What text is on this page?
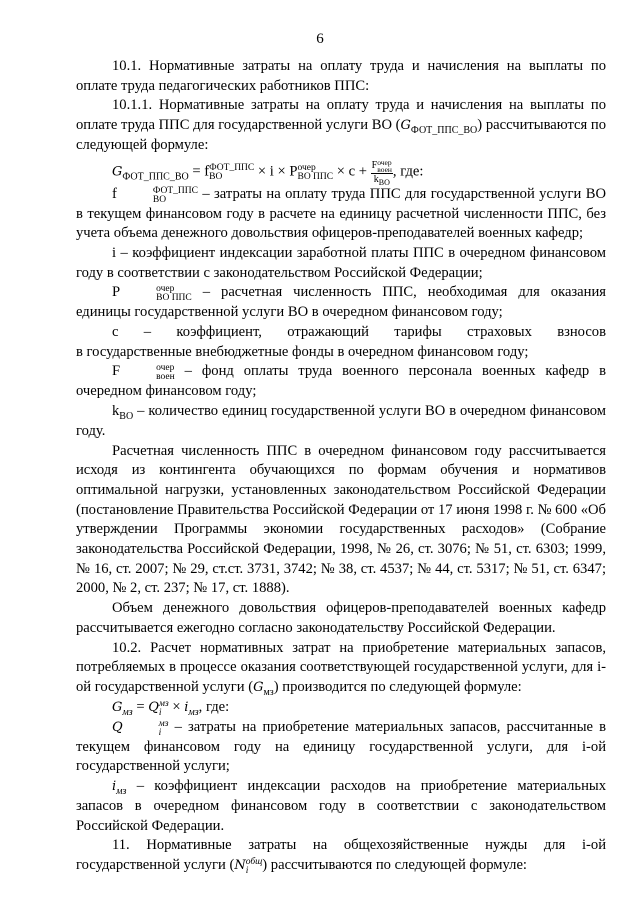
6

10.1. Нормативные затраты на оплату труда и начисления на выплаты по оплате труда педагогических работников ППС:

10.1.1. Нормативные затраты на оплату труда и начисления на выплаты по оплате труда ППС для государственной услуги ВО $(G_{ФОТ\_ППС\_ВО})$ рассчитываются по следующей формуле:

$G_{ФОТ\_ППС\_ВО} = f$ ФОТ_ППС
ВО	× i × P очер
ВО ППС × c + F очер
воен
$k_{ВО}$ , где:

f	ФОТ_ППС
ВО	– затраты на оплату труда ППС для государственной услуги ВО в текущем финансовом году в расчете на единицу расчетной численности ППС, без учета объема денежного довольствия офицеров-преподавателей военных кафедр;

i – коэффициент индексации заработной платы ППС в очередном финансовом году в соответствии с законодательством Российской Федерации;

P	очер
ВО ППС – расчетная численность ППС, необходимая для оказания единицы государственной услуги ВО в очередном финансовом году;

c – коэффициент, отражающий тарифы страховых взносов

в государственные внебюджетные фонды в очередном финансовом году;

F	очер
воен – фонд оплаты труда военного персонала военных кафедр в очередном финансовом году;

$k_{ВО}$ – количество единиц государственной услуги ВО в очередном финансовом году.

Расчетная численность ППС в очередном финансовом году рассчитывается исходя из контингента обучающихся по формам обучения и нормативов оптимальной нагрузки, установленных законодательством Российской Федерации (постановление Правительства Российской Федерации от 17 июня 1998 г. № 600 «Об утверждении Программы экономии государственных расходов» (Собрание законодательства Российской Федерации, 1998, № 26, ст. 3076; № 51, ст. 6303; 1999, № 16, ст. 2007; № 29, ст.ст. 3731, 3742; № 38, ст. 4537; № 44, ст. 5317; № 51, ст. 6347; 2000, № 2, ст. 237; № 17, ст. 1888).

Объем денежного довольствия офицеров-преподавателей военных кафедр рассчитывается ежегодно согласно законодательству Российской Федерации.

10.2. Расчет нормативных затрат на приобретение материальных запасов, потребляемых в процессе оказания соответствующей государственной услуги, для i-ой государственной услуги $(G_{мз})$ производится по следующей формуле:

$G_{мз} = Q$ мз
$i \times i_{мз}$, где:

Q	мз
i – затраты на приобретение материальных запасов, рассчитанные в текущем финансовом году на единицу государственной услуги, для i-ой государственной услуги;

$i_{мз}$ – коэффициент индексации расходов на приобретение материальных запасов в очередном финансовом году в соответствии с законодательством Российской Федерации.

11. Нормативные затраты на общехозяйственные нужды для i-ой

государственной услуги (N общ
i ) рассчитываются по следующей формуле:
